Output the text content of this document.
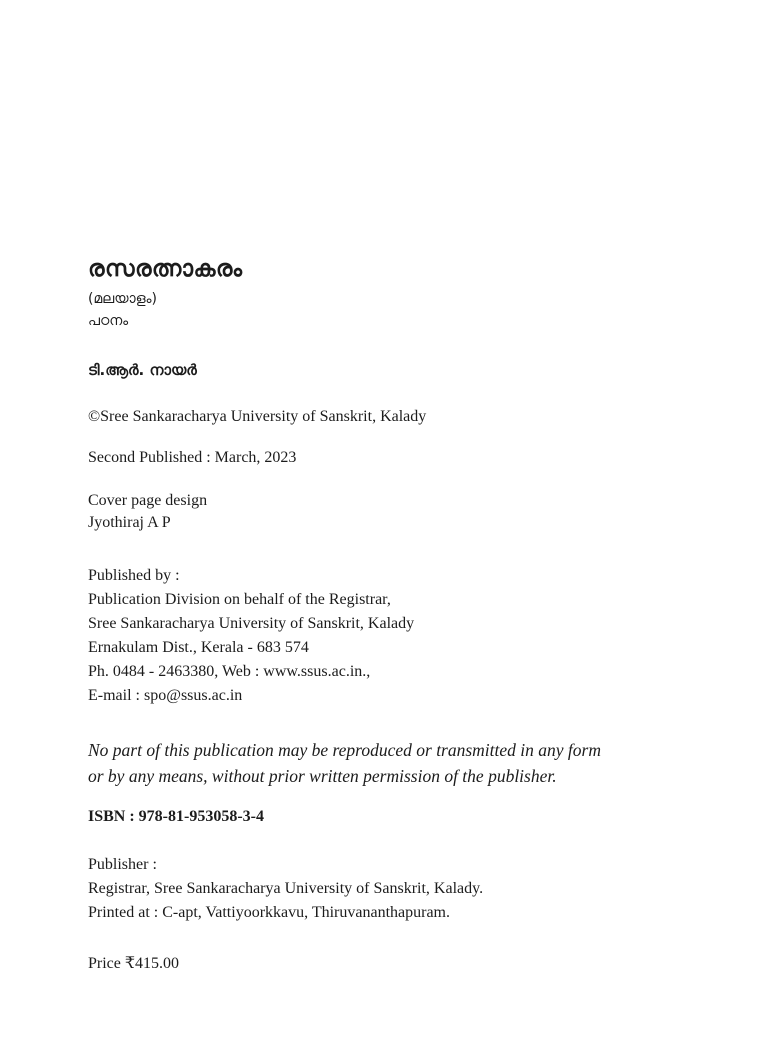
രസരത്നാകരം
(മലയാളം)
പഠനം
ടി.ആർ. നായർ
©Sree Sankaracharya University of Sanskrit, Kalady
Second Published : March, 2023
Cover page design
Jyothiraj A P
Published by :
Publication Division on behalf of the Registrar,
Sree Sankaracharya University of Sanskrit, Kalady
Ernakulam Dist., Kerala - 683 574
Ph. 0484 - 2463380, Web : www.ssus.ac.in.,
E-mail : spo@ssus.ac.in
No part of this publication may be reproduced or transmitted in any form
or by any means, without prior written permission of the publisher.
ISBN : 978-81-953058-3-4
Publisher :
Registrar, Sree Sankaracharya University of Sanskrit, Kalady.
Printed at : C-apt, Vattiyoorkkavu, Thiruvananthapuram.
Price ₹415.00
